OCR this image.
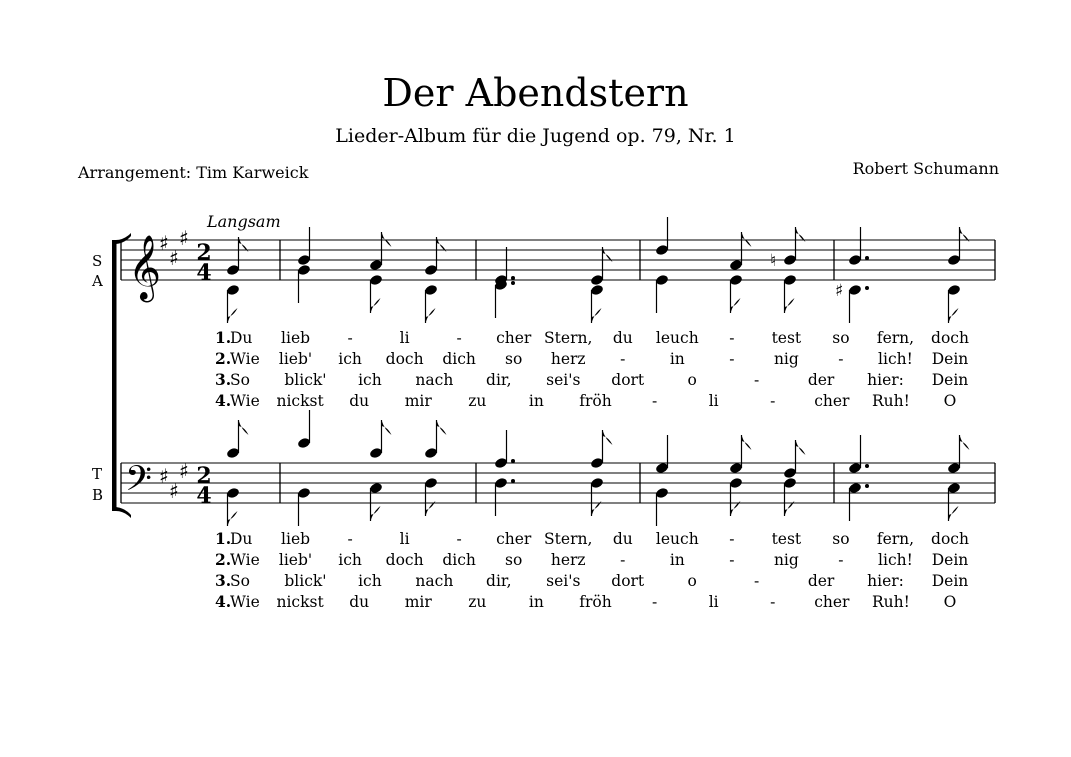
Der Abendstern
Lieder-Album für die Jugend op. 79, Nr. 1
Arrangement: Tim Karweick	Robert Schumann
Langsam
S
A
T
B
𝄞
𝄢
♯
♯
♯
♯
♯
♯
2
4
2
4
♮
♯
1.
Du lieb -	li	- cher Stern, du leuch - test so fern, doch
2.
Wie lieb' ich doch dich so herz -	in	-	nig	- lich! Dein
3.
So blick' ich nach dir, sei's dort	o	-	der hier: Dein
4.
Wie nickst du mir zu	in fröh	-	li	-	cher Ruh! O
1.
Du lieb -	li	- cher Stern, du leuch - test so fern, doch
2.
Wie lieb' ich doch dich so herz -	in	-	nig	- lich! Dein
3.
So blick' ich nach dir, sei's dort	o	-	der hier: Dein
4.
Wie nickst du mir zu	in fröh	-	li	-	cher Ruh! O
